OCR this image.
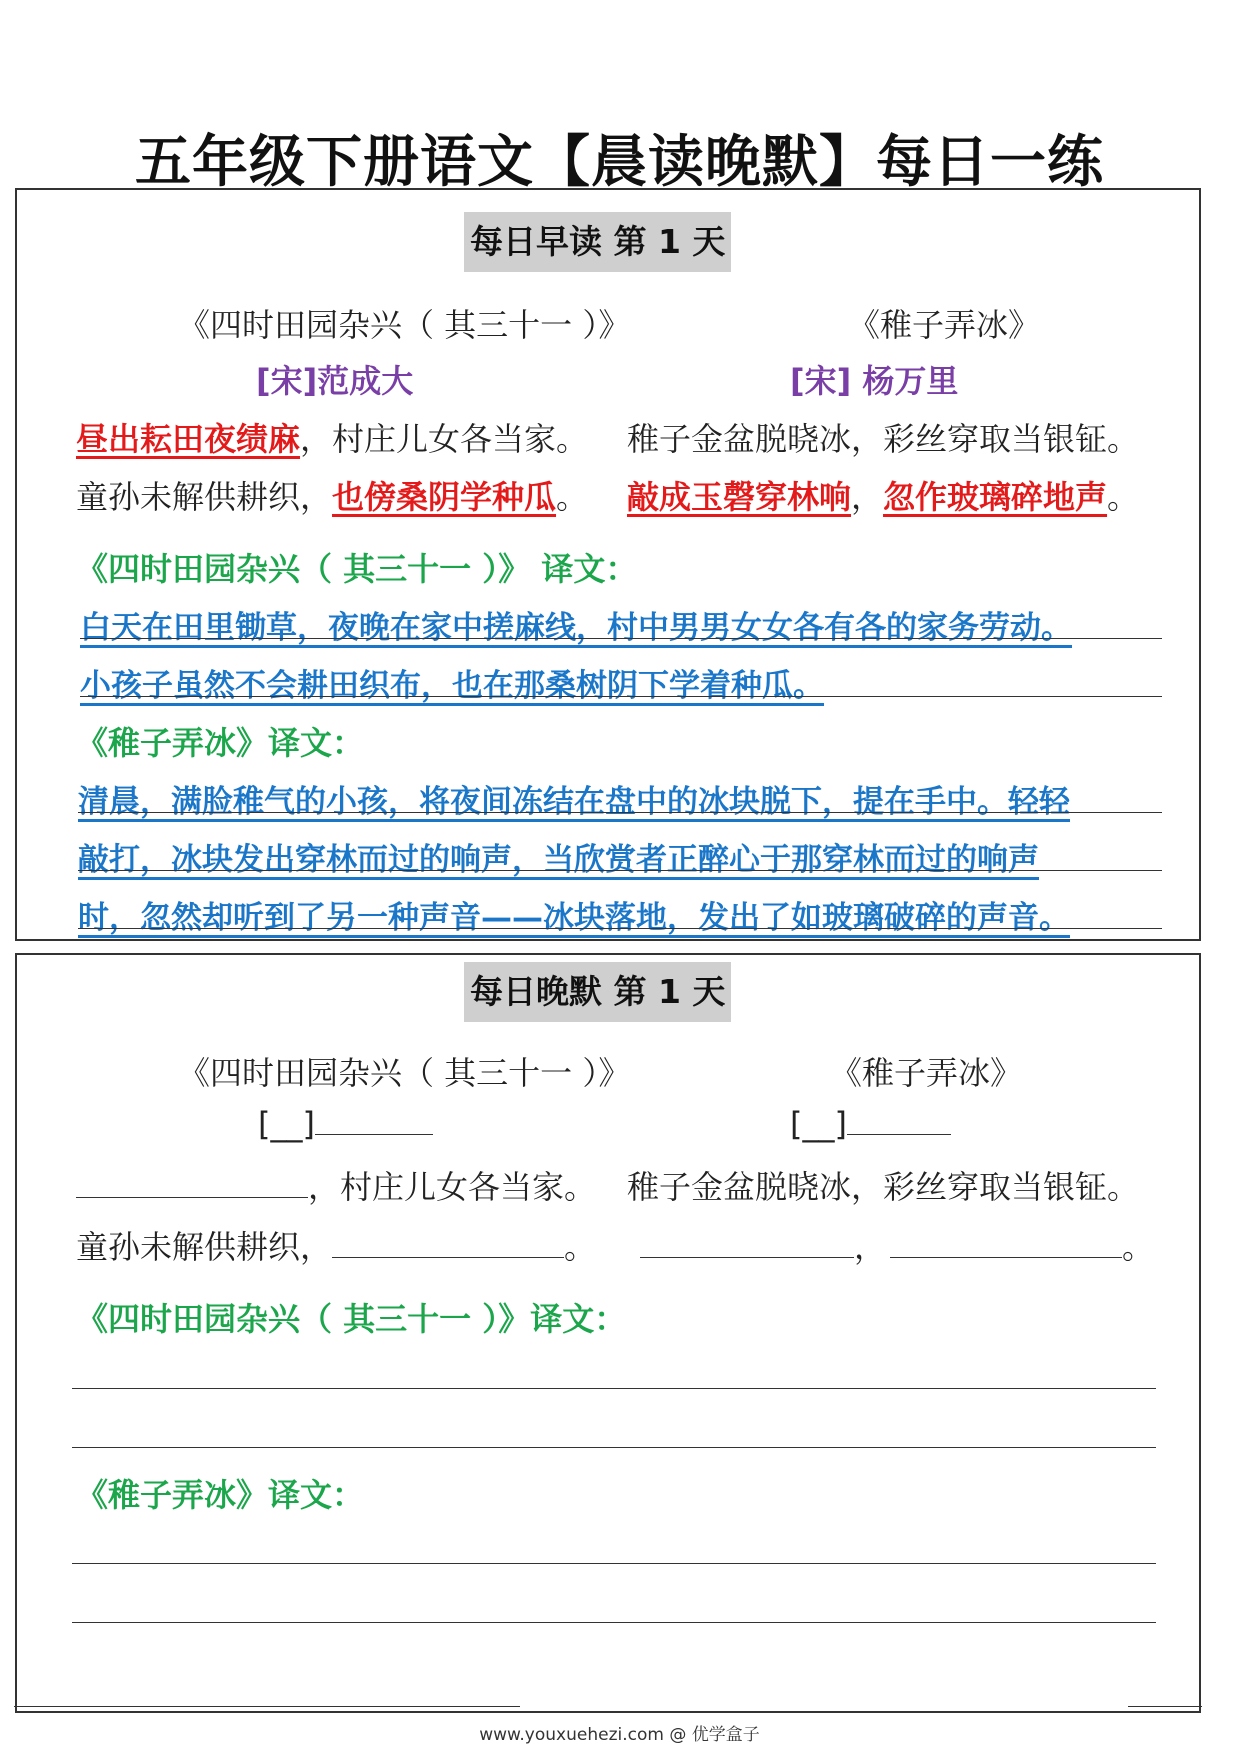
五年级下册语文【晨读晚默】每日一练
每日早读 第 1 天
《四时田园杂兴（ 其三十一 ）》	《稚子弄冰》
[宋]范成大	[宋] 杨万里
昼出耘田夜绩麻，村庄儿女各当家。 稚子金盆脱晓冰，彩丝穿取当银钲。
童孙未解供耕织，也傍桑阴学种瓜。 敲成玉磬穿林响，忽作玻璃碎地声。
《四时田园杂兴（ 其三十一 ）》 译文：
白天在田里锄草，夜晚在家中搓麻线，村中男男女女各有各的家务劳动。
小孩子虽然不会耕田织布，也在那桑树阴下学着种瓜。
《稚子弄冰》译文：
清晨，满脸稚气的小孩，将夜间冻结在盘中的冰块脱下，提在手中。轻轻
敲打，冰块发出穿林而过的响声，当欣赏者正醉心于那穿林而过的响声
时，忽然却听到了另一种声音——冰块落地，发出了如玻璃破碎的声音。
每日晚默 第 1 天
《四时田园杂兴（ 其三十一 ）》	《稚子弄冰》
[__]	[__]
，村庄儿女各当家。 稚子金盆脱晓冰，彩丝穿取当银钲。
童孙未解供耕织，	。	，	。
《四时田园杂兴（ 其三十一 ）》译文：
《稚子弄冰》译文：
www.youxuehezi.com @ 优学盒子
